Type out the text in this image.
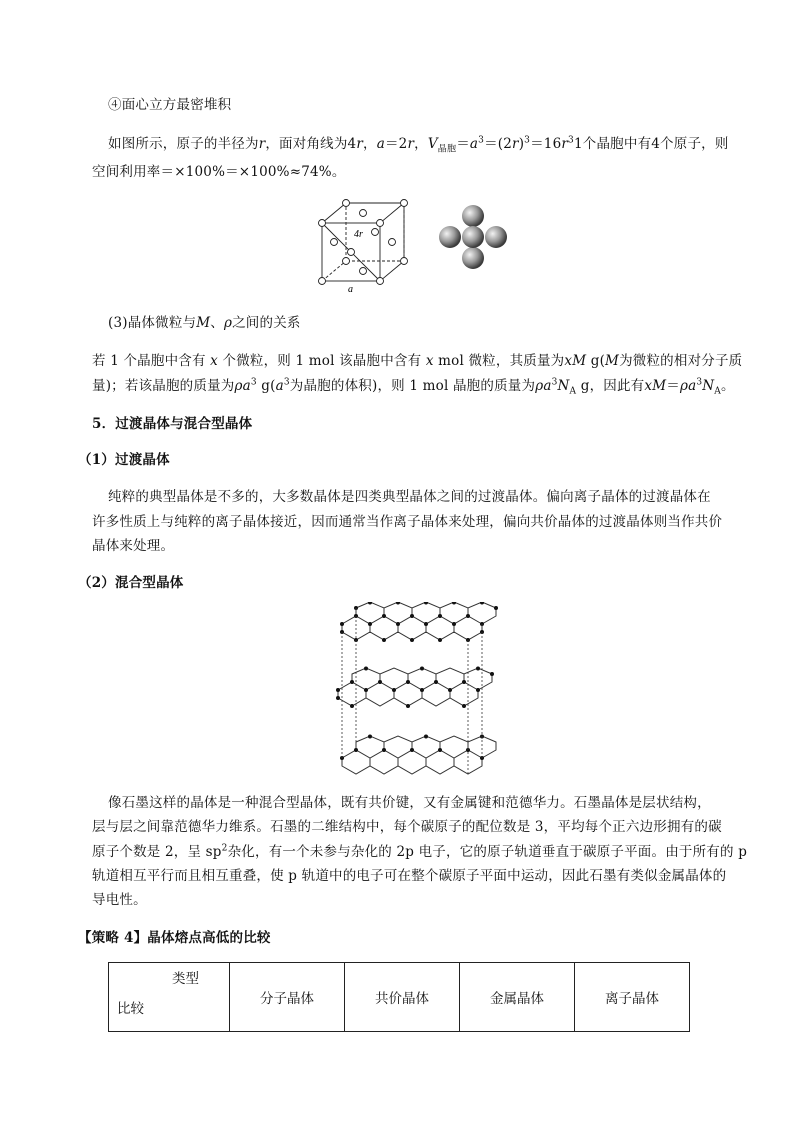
④面心立方最密堆积
如图所示，原子的半径为r，面对角线为4r，a＝2r，$V_{晶胞}=a^3=(2r)^3=16r^31$个晶胞中有4个原子，则
空间利用率＝×100%＝×100%≈74%。
4r
a
(3)晶体微粒与M、ρ之间的关系
若 1 个晶胞中含有 x 个微粒，则 1 mol 该晶胞中含有 x mol 微粒，其质量为xM g(M为微粒的相对分子质
量)；若该晶胞的质量为$\rho a^3$ $g(a^3$为晶胞的体积)，则 1 mol 晶胞的质量为$\rho a^3N_A$ g，因此有$xM=\rho a^3N_A$。
5．过渡晶体与混合型晶体
（1）过渡晶体
纯粹的典型晶体是不多的，大多数晶体是四类典型晶体之间的过渡晶体。偏向离子晶体的过渡晶体在
许多性质上与纯粹的离子晶体接近，因而通常当作离子晶体来处理，偏向共价晶体的过渡晶体则当作共价
晶体来处理。
（2）混合型晶体
像石墨这样的晶体是一种混合型晶体，既有共价键，又有金属键和范德华力。石墨晶体是层状结构，
层与层之间靠范德华力维系。石墨的二维结构中，每个碳原子的配位数是 3，平均每个正六边形拥有的碳
原子个数是 2，呈 $sp^2$杂化，有一个未参与杂化的 2p 电子，它的原子轨道垂直于碳原子平面。由于所有的 p
轨道相互平行而且相互重叠，使 p 轨道中的电子可在整个碳原子平面中运动，因此石墨有类似金属晶体的
导电性。
【策略 4】晶体熔点高低的比较
类型
比较
	分子晶体	共价晶体	金属晶体	离子晶体
